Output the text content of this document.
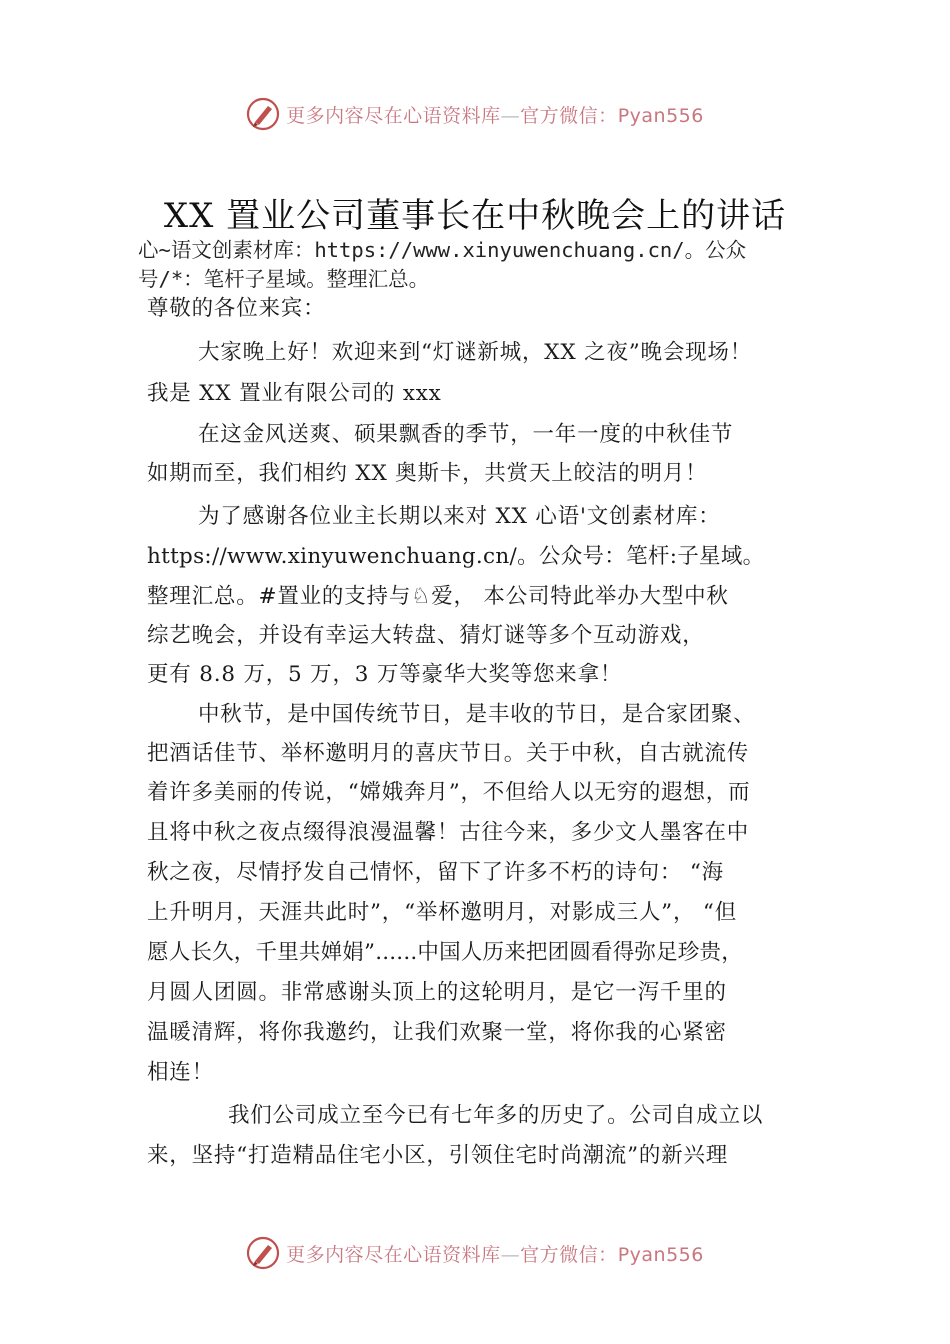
更多内容尽在心语资料库—官方微信：Pyan556
XX 置业公司董事长在中秋晚会上的讲话
心~语文创素材库：https://www.xinyuwenchuang.cn/。公众
号/*：笔杆子星域。整理汇总。
尊敬的各位来宾：
大家晚上好！欢迎来到“灯谜新城，XX 之夜”晚会现场！
我是 XX 置业有限公司的 xxx
在这金风送爽、硕果飘香的季节，一年一度的中秋佳节
如期而至，我们相约 XX 奥斯卡，共赏天上皎洁的明月！
为了感谢各位业主长期以来对 XX 心语'文创素材库：
https://www.xinyuwenchuang.cn/。公众号：笔杆:子星域。
整理汇总。#置业的支持与♘爱， 本公司特此举办大型中秋
综艺晚会，并设有幸运大转盘、猜灯谜等多个互动游戏，
更有 8.8 万，5 万，3 万等豪华大奖等您来拿！
中秋节，是中国传统节日，是丰收的节日，是合家团聚、
把酒话佳节、举杯邀明月的喜庆节日。关于中秋，自古就流传
着许多美丽的传说，“嫦娥奔月”，不但给人以无穷的遐想，而
且将中秋之夜点缀得浪漫温馨！古往今来，多少文人墨客在中
秋之夜，尽情抒发自己情怀，留下了许多不朽的诗句： “海
上升明月，天涯共此时”，“举杯邀明月，对影成三人”， “但
愿人长久，千里共婵娟”......中国人历来把团圆看得弥足珍贵，
月圆人团圆。非常感谢头顶上的这轮明月，是它一泻千里的
温暖清辉，将你我邀约，让我们欢聚一堂，将你我的心紧密
相连！
我们公司成立至今已有七年多的历史了。公司自成立以
来，坚持“打造精品住宅小区，引领住宅时尚潮流”的新兴理
更多内容尽在心语资料库—官方微信：Pyan556
